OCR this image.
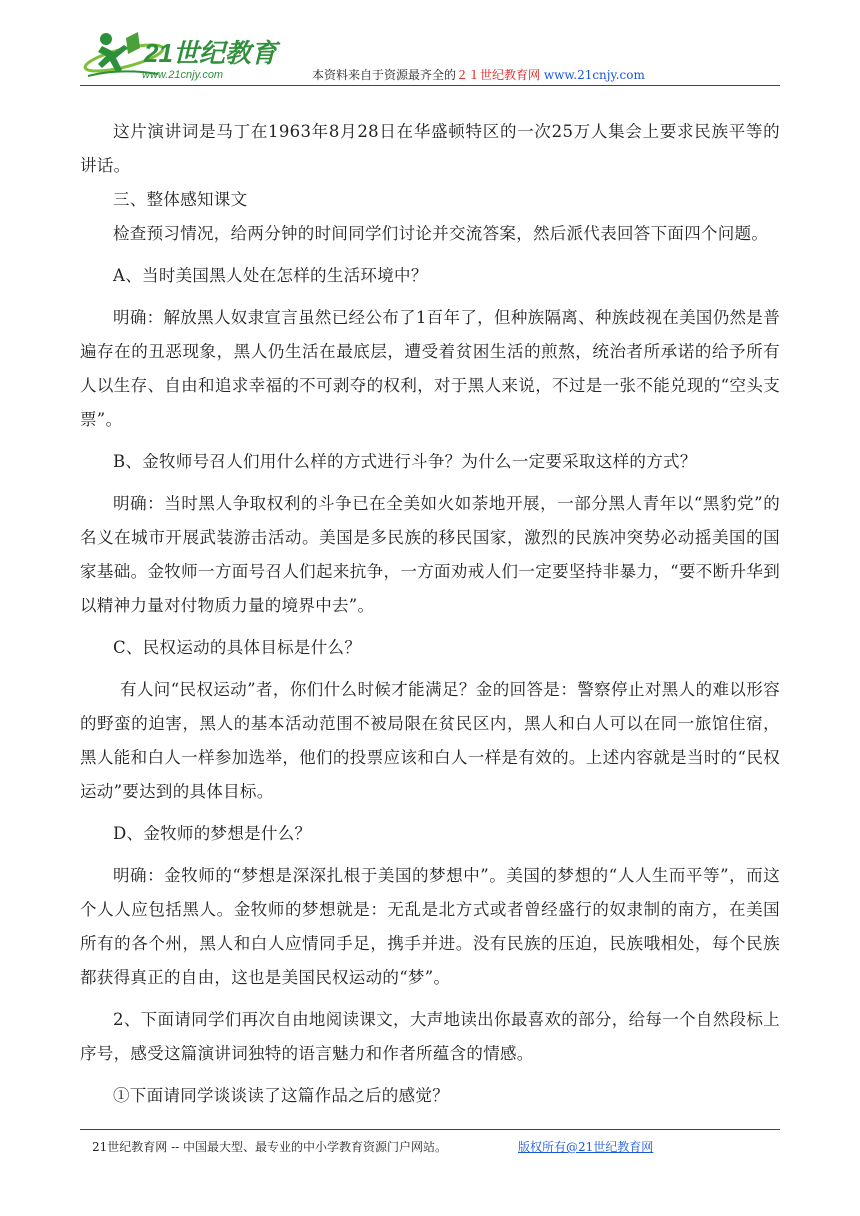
21世纪教育
www.21cnjy.com	本资料来自于资源最齐全的２１世纪教育网 www.21cnjy.com

这片演讲词是马丁在1963年8月28日在华盛顿特区的一次25万人集会上要求民族平等的讲话。

三、整体感知课文

检查预习情况，给两分钟的时间同学们讨论并交流答案，然后派代表回答下面四个问题。

A、当时美国黑人处在怎样的生活环境中？

明确：解放黑人奴隶宣言虽然已经公布了1百年了，但种族隔离、种族歧视在美国仍然是普遍存在的丑恶现象，黑人仍生活在最底层，遭受着贫困生活的煎熬，统治者所承诺的给予所有人以生存、自由和追求幸福的不可剥夺的权利，对于黑人来说，不过是一张不能兑现的“空头支票”。

B、金牧师号召人们用什么样的方式进行斗争？为什么一定要采取这样的方式？

明确：当时黑人争取权利的斗争已在全美如火如荼地开展，一部分黑人青年以“黑豹党”的名义在城市开展武装游击活动。美国是多民族的移民国家，激烈的民族冲突势必动摇美国的国家基础。金牧师一方面号召人们起来抗争，一方面劝戒人们一定要坚持非暴力，“要不断升华到以精神力量对付物质力量的境界中去”。

C、民权运动的具体目标是什么？

有人问“民权运动”者，你们什么时候才能满足？金的回答是：警察停止对黑人的难以形容的野蛮的迫害，黑人的基本活动范围不被局限在贫民区内，黑人和白人可以在同一旅馆住宿，黑人能和白人一样参加选举，他们的投票应该和白人一样是有效的。上述内容就是当时的“民权运动”要达到的具体目标。

D、金牧师的梦想是什么？

明确：金牧师的“梦想是深深扎根于美国的梦想中”。美国的梦想的“人人生而平等”，而这个人人应包括黑人。金牧师的梦想就是：无乱是北方式或者曾经盛行的奴隶制的南方，在美国所有的各个州，黑人和白人应情同手足，携手并进。没有民族的压迫，民族哦相处，每个民族都获得真正的自由，这也是美国民权运动的“梦”。

2、下面请同学们再次自由地阅读课文，大声地读出你最喜欢的部分，给每一个自然段标上序号，感受这篇演讲词独特的语言魅力和作者所蕴含的情感。

①下面请同学谈谈读了这篇作品之后的感觉？

21世纪教育网 -- 中国最大型、最专业的中小学教育资源门户网站。	版权所有@21世纪教育网
